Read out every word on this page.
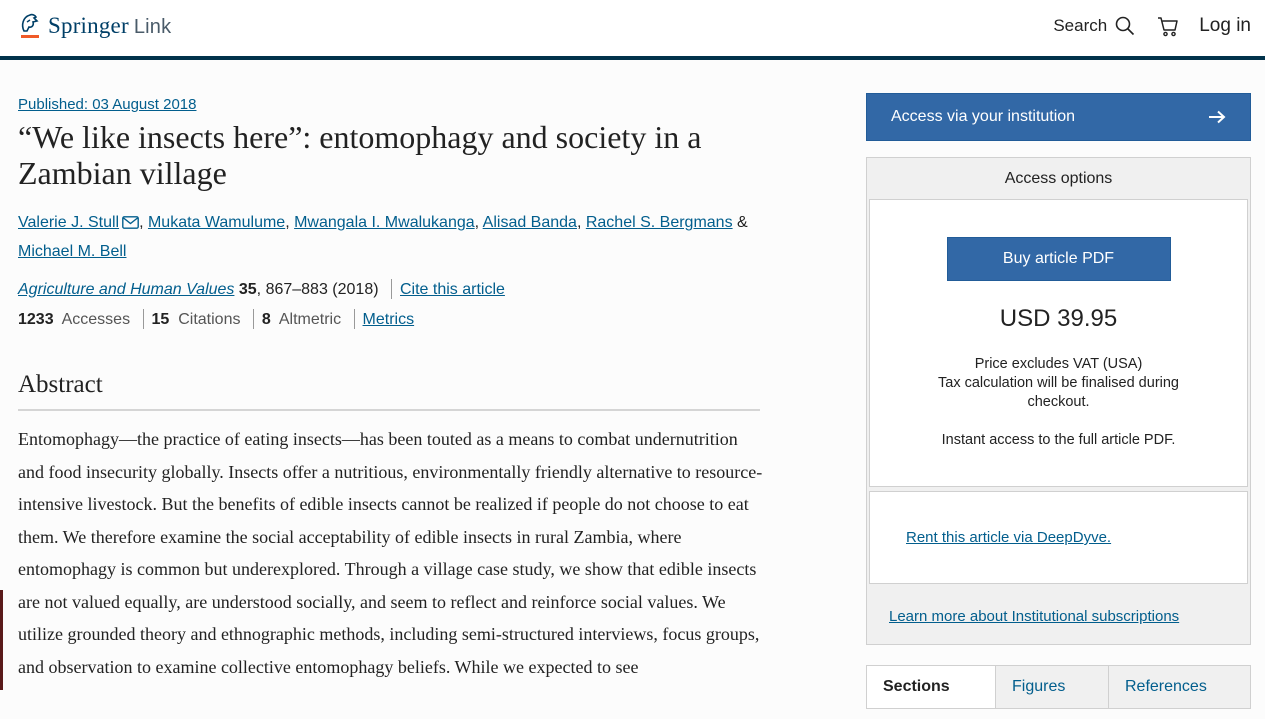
Springer Link	Search	Log in
Published: 03 August 2018
“We like insects here”: entomophagy and society in a Zambian village
Valerie J. Stull , Mukata Wamulume, Mwangala I. Mwalukanga, Alisad Banda, Rachel S. Bergmans &
Michael M. Bell
Agriculture and Human Values 35, 867–883 (2018) Cite this article
1233 Accesses 15 Citations 8 Altmetric Metrics
Abstract

Entomophagy—the practice of eating insects—has been touted as a means to combat undernutrition and food insecurity globally. Insects offer a nutritious, environmentally friendly alternative to resource-intensive livestock. But the benefits of edible insects cannot be realized if people do not choose to eat them. We therefore examine the social acceptability of edible insects in rural Zambia, where entomophagy is common but underexplored. Through a village case study, we show that edible insects are not valued equally, are understood socially, and seem to reflect and reinforce social values. We utilize grounded theory and ethnographic methods, including semi-structured interviews, focus groups, and observation to examine collective entomophagy beliefs. While we expected to see

Access via your institution
Access options
Buy article PDF
USD 39.95
Price excludes VAT (USA)
Tax calculation will be finalised during checkout.
Instant access to the full article PDF.
Rent this article via DeepDyve.
Learn more about Institutional subscriptions
Sections	Figures	References
